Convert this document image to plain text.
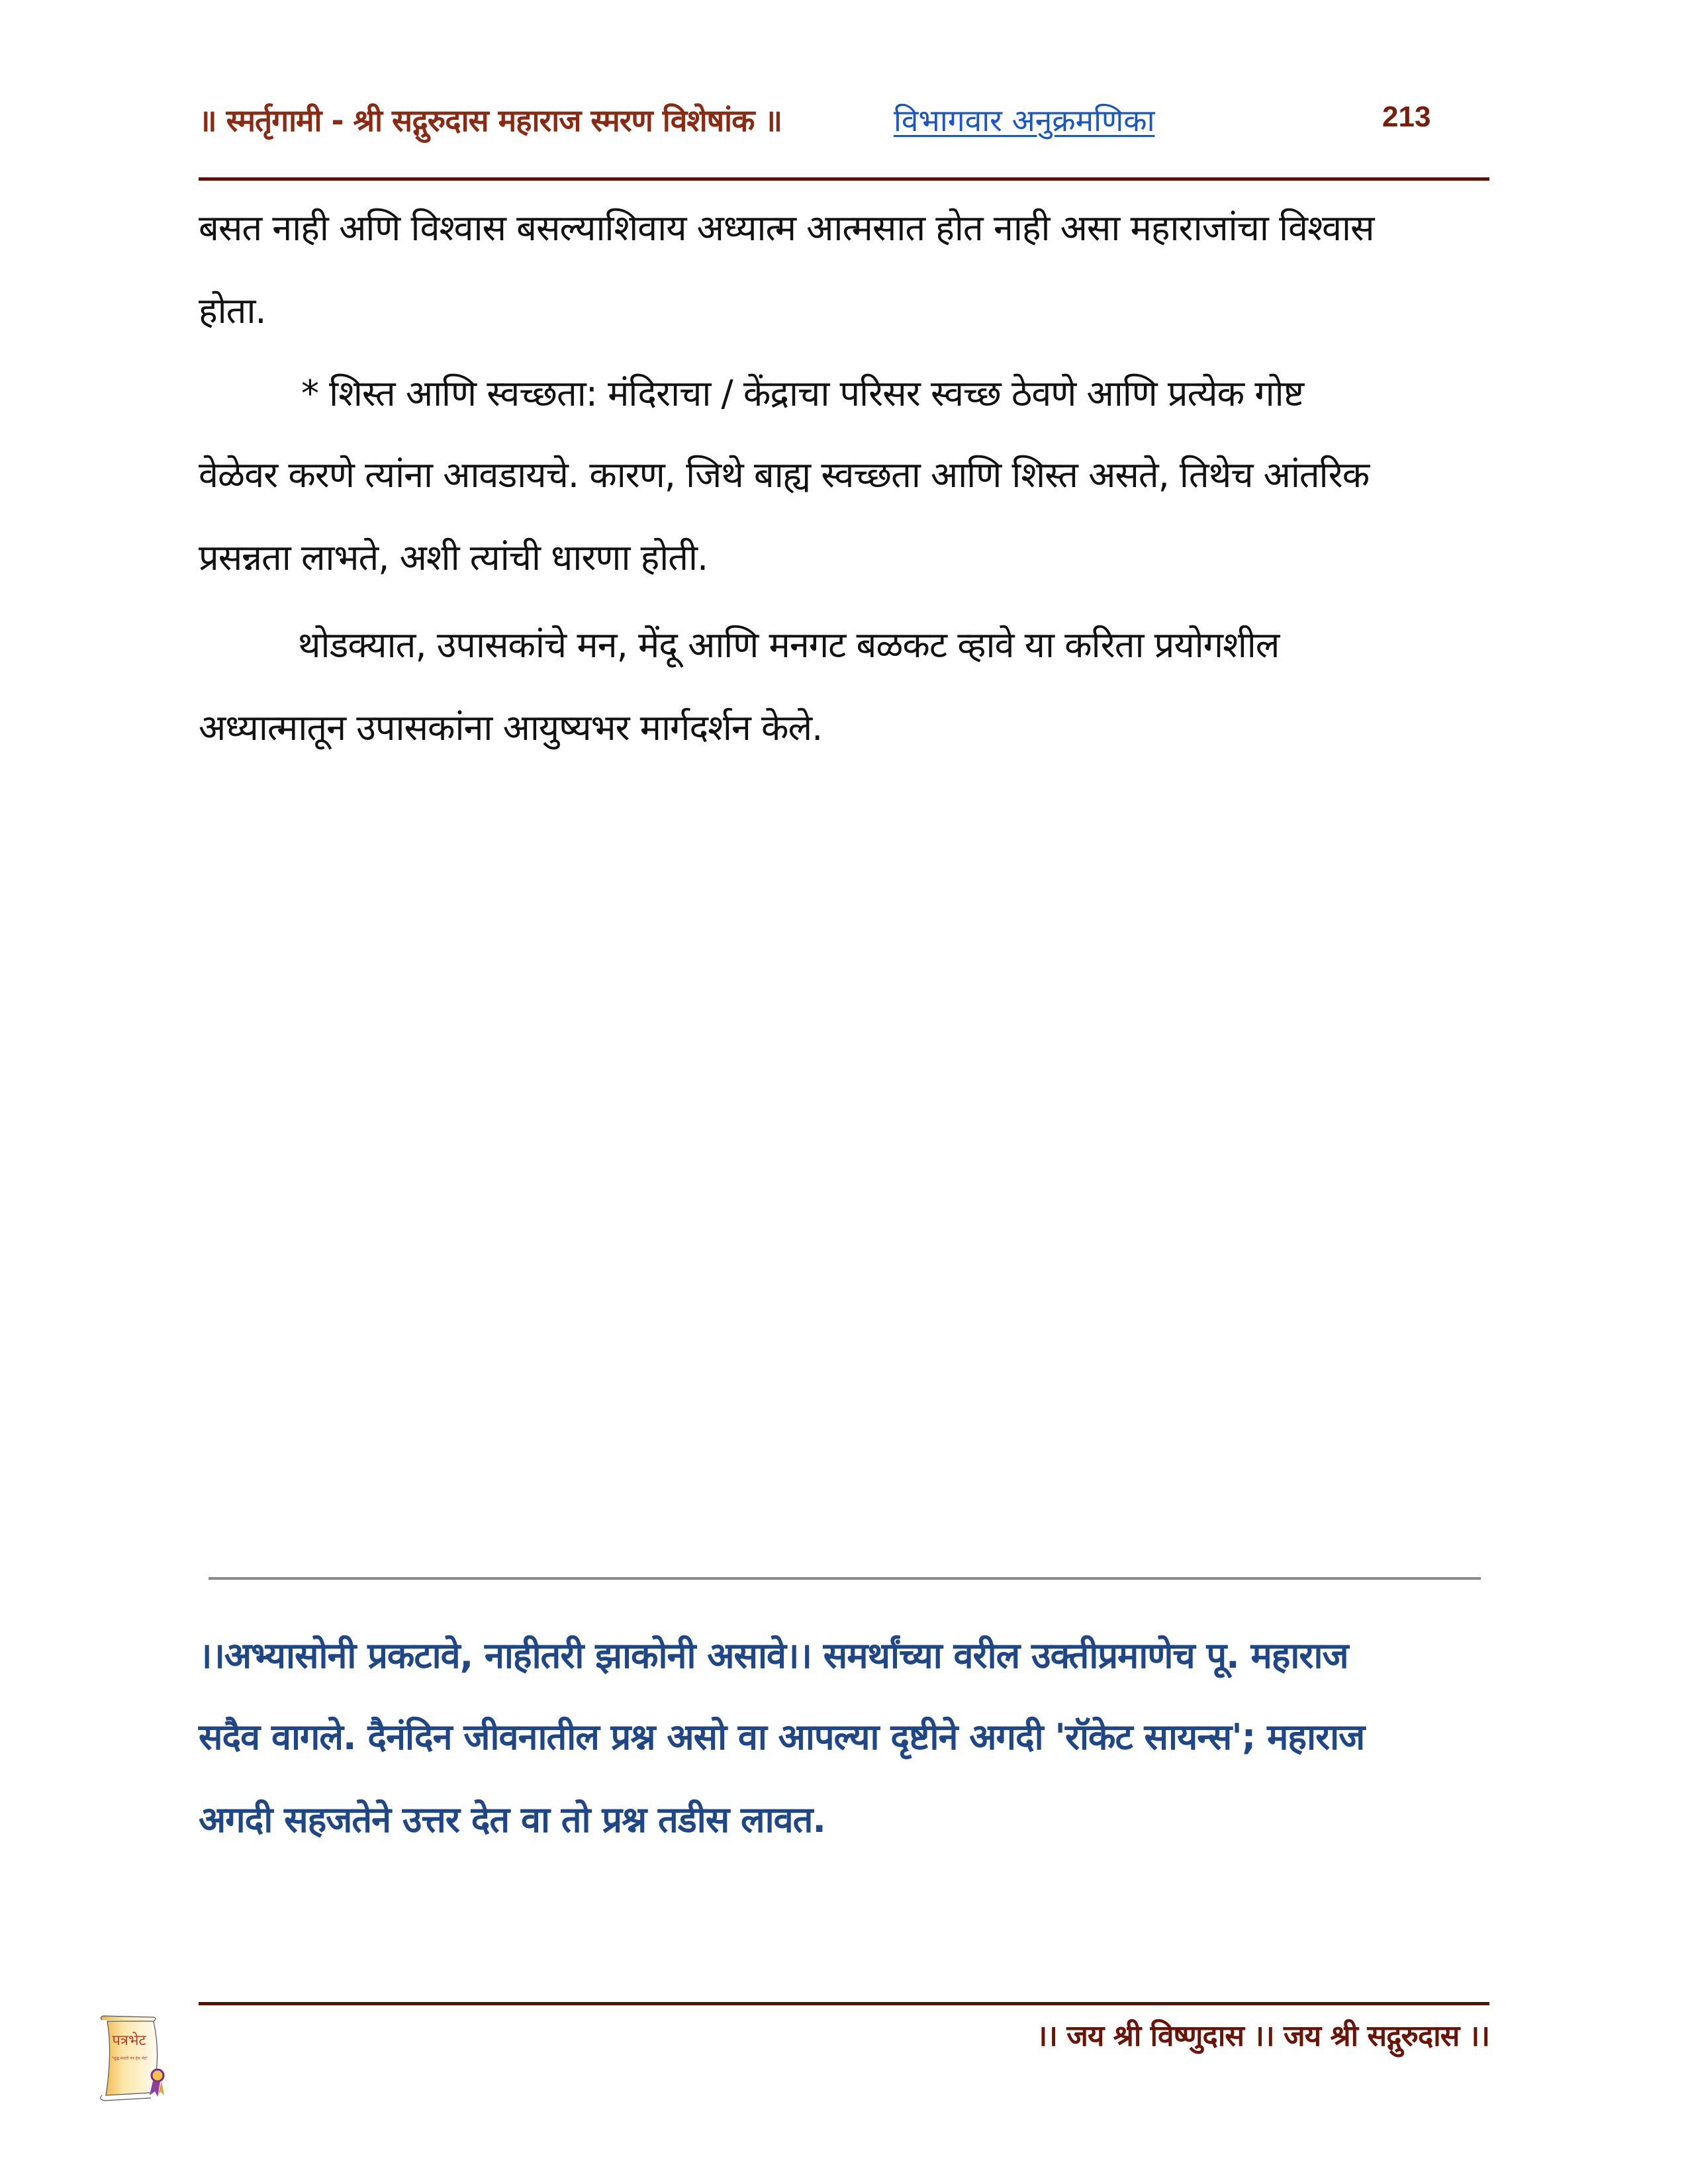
॥ स्मर्तृगामी - श्री सद्गुरुदास महाराज स्मरण विशेषांक ॥	विभागवार अनुक्रमणिका	213
बसत नाही अणि विश्वास बसल्याशिवाय अध्यात्म आत्मसात होत नाही असा महाराजांचा विश्वास
होता.
* शिस्त आणि स्वच्छता: मंदिराचा / केंद्राचा परिसर स्वच्छ ठेवणे आणि प्रत्येक गोष्ट
वेळेवर करणे त्यांना आवडायचे. कारण, जिथे बाह्य स्वच्छता आणि शिस्त असते, तिथेच आंतरिक
प्रसन्नता लाभते, अशी त्यांची धारणा होती.
थोडक्यात, उपासकांचे मन, मेंदू आणि मनगट बळकट व्हावे या करिता प्रयोगशील
अध्यात्मातून उपासकांना आयुष्यभर मार्गदर्शन केले.
।।अभ्यासोनी प्रकटावे, नाहीतरी झाकोनी असावे।। समर्थांच्या वरील उक्तीप्रमाणेच पू. महाराज
सदैव वागले. दैनंदिन जीवनातील प्रश्न असो वा आपल्या दृष्टीने अगदी 'रॉकेट सायन्स'; महाराज
अगदी सहजतेने उत्तर देत वा तो प्रश्न तडीस लावत.
।। जय श्री विष्णुदास ।। जय श्री सद्गुरुदास ।।
पत्रभेट
"शुद्ध मनाचे पत्र हेच भेट"
